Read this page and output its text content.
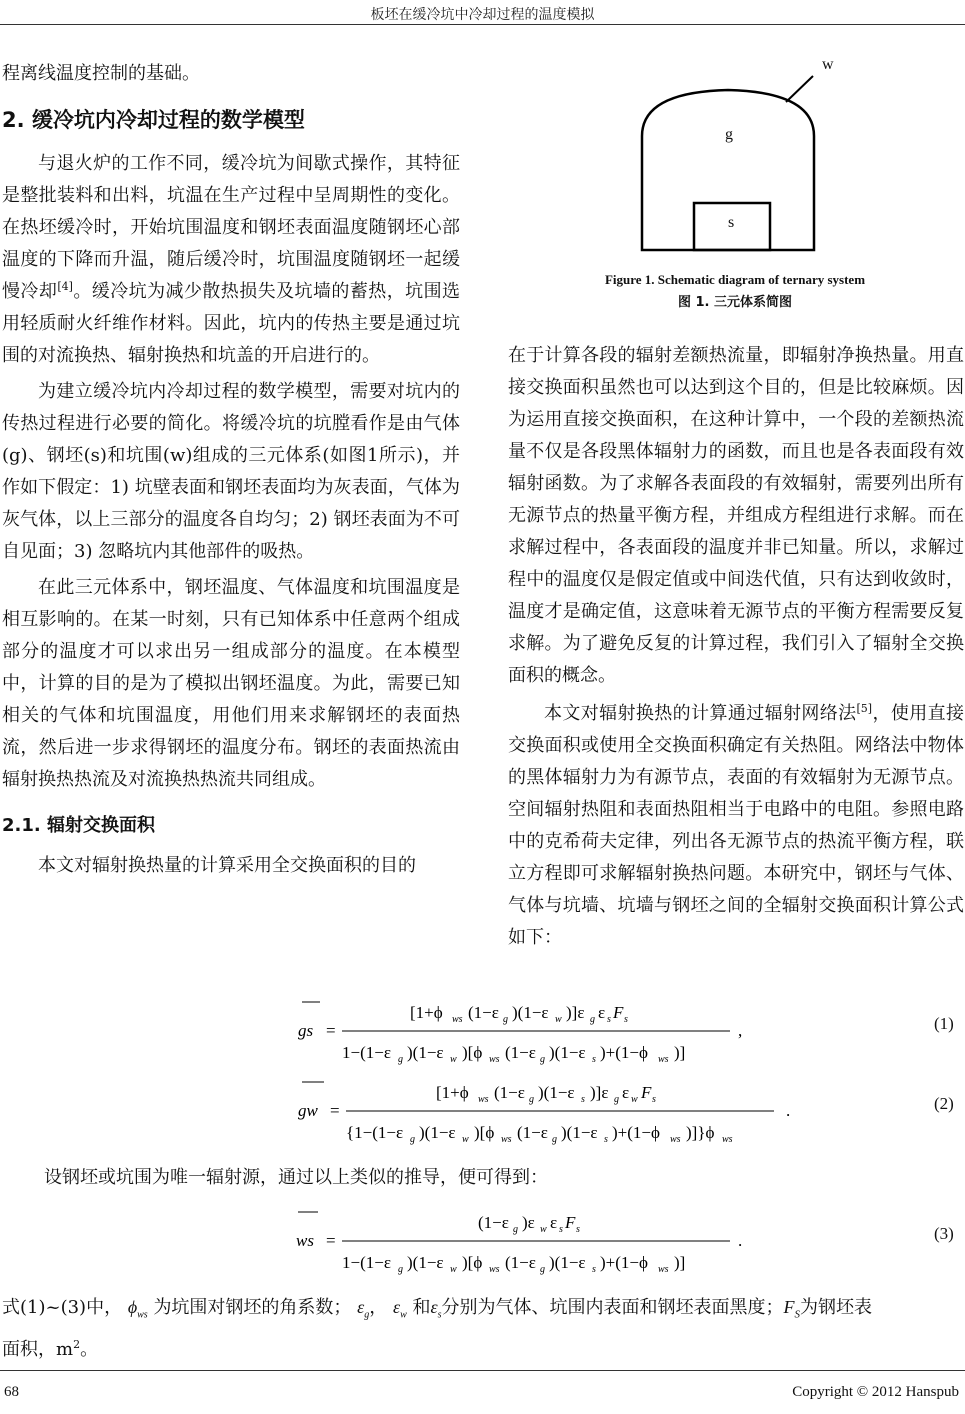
板坯在缓冷坑中冷却过程的温度模拟

程离线温度控制的基础。

2. 缓冷坑内冷却过程的数学模型

与退火炉的工作不同，缓冷坑为间歇式操作，其特征是整批装料和出料，坑温在生产过程中呈周期性的变化。在热坯缓冷时，开始坑围温度和钢坯表面温度随钢坯心部温度的下降而升温，随后缓冷时，坑围温度随钢坯一起缓慢冷却[4]。缓冷坑为减少散热损失及坑墙的蓄热，坑围选用轻质耐火纤维作材料。因此，坑内的传热主要是通过坑围的对流换热、辐射换热和坑盖的开启进行的。

为建立缓冷坑内冷却过程的数学模型，需要对坑内的传热过程进行必要的简化。将缓冷坑的坑膛看作是由气体(g)、钢坯(s)和坑围(w)组成的三元体系(如图1所示)，并作如下假定：1) 坑壁表面和钢坯表面均为灰表面，气体为灰气体，以上三部分的温度各自均匀；2) 钢坯表面为不可自见面；3) 忽略坑内其他部件的吸热。

在此三元体系中，钢坯温度、气体温度和坑围温度是相互影响的。在某一时刻，只有已知体系中任意两个组成部分的温度才可以求出另一组成部分的温度。在本模型中，计算的目的是为了模拟出钢坯温度。为此，需要已知相关的气体和坑围温度，用他们用来求解钢坯的表面热流，然后进一步求得钢坯的温度分布。钢坯的表面热流由辐射换热热流及对流换热热流共同组成。

2.1. 辐射交换面积

本文对辐射换热量的计算采用全交换面积的目的

w
g
s
Figure 1. Schematic diagram of ternary system
图 1. 三元体系简图

在于计算各段的辐射差额热流量，即辐射净换热量。用直接交换面积虽然也可以达到这个目的，但是比较麻烦。因为运用直接交换面积，在这种计算中，一个段的差额热流量不仅是各段黑体辐射力的函数，而且也是各表面段有效辐射函数。为了求解各表面段的有效辐射，需要列出所有无源节点的热量平衡方程，并组成方程组进行求解。而在求解过程中，各表面段的温度并非已知量。所以，求解过程中的温度仅是假定值或中间迭代值，只有达到收敛时，温度才是确定值，这意味着无源节点的平衡方程需要反复求解。为了避免反复的计算过程，我们引入了辐射全交换面积的概念。

本文对辐射换热的计算通过辐射网络法[5]，使用直接交换面积或使用全交换面积确定有关热阻。网络法中物体的黑体辐射力为有源节点，表面的有效辐射为无源节点。空间辐射热阻和表面热阻相当于电路中的电阻。参照电路中的克希荷夫定律，列出各无源节点的热流平衡方程，联立方程即可求解辐射换热问题。本研究中，钢坯与气体、气体与坑墙、坑墙与钢坯之间的全辐射交换面积计算公式如下：

gs =
[1+ϕ ws (1−ε g )(1−ε w )]ε g ε s F s
1−(1−ε g )(1−ε w )[ϕ ws (1−ε g )(1−ε s )+(1−ϕ ws )]
,	(1)
gw =
[1+ϕ ws (1−ε g )(1−ε s )]ε g ε w F s
{1−(1−ε g )(1−ε w )[ϕ ws (1−ε g )(1−ε s )+(1−ϕ ws )]}ϕ ws
.	(2)
设钢坯或坑围为唯一辐射源，通过以上类似的推导，便可得到：
ws =
(1−ε g )ε w ε s F s
1−(1−ε g )(1−ε w )[ϕ ws (1−ε g )(1−ε s )+(1−ϕ ws )]
.	(3)
式(1)~(3)中， $\phi_{ws}$ 为坑围对钢坯的角系数； $\varepsilon_g$， $\varepsilon_w$ 和$\varepsilon_s$分别为气体、坑围内表面和钢坯表面黑度；$F_S$为钢坯表
面积，$m^2$。
68	Copyright © 2012 Hanspub
